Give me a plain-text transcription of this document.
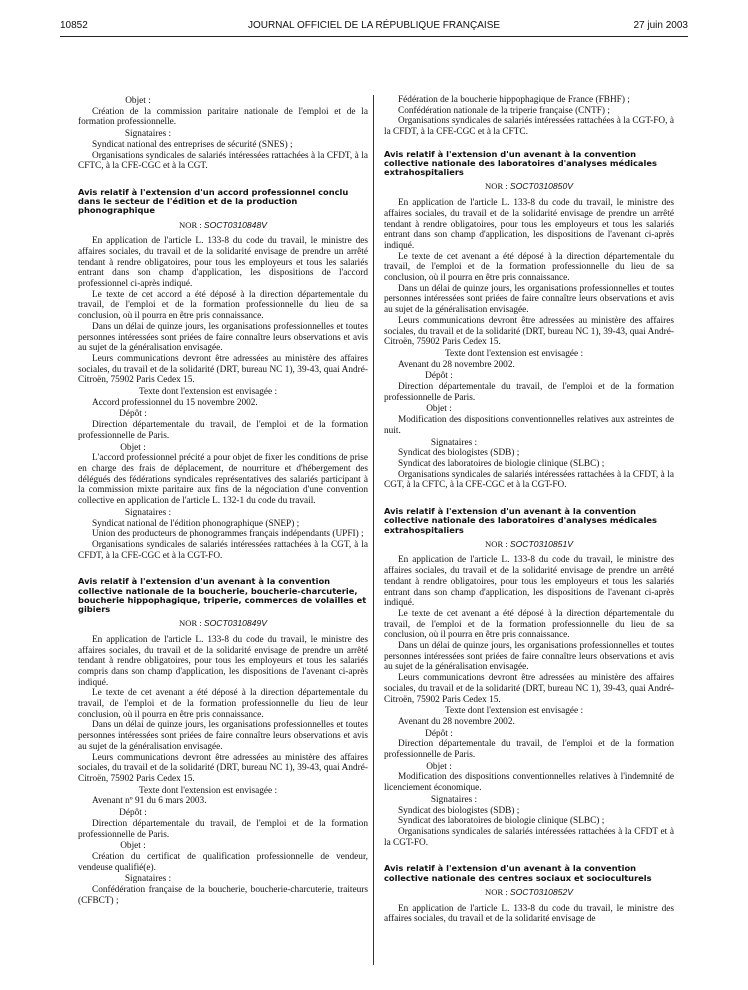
10852	JOURNAL OFFICIEL DE LA RÉPUBLIQUE FRANÇAISE	27 juin 2003

Objet :

Création de la commission paritaire nationale de l'emploi et de la formation professionnelle.

Signataires :

Syndicat national des entreprises de sécurité (SNES) ;

Organisations syndicales de salariés intéressées rattachées à la CFDT, à la CFTC, à la CFE-CGC et à la CGT.

Avis relatif à l'extension d'un accord professionnel conclu dans le secteur de l'édition et de la production phonographique

NOR : SOCT0310848V

En application de l'article L. 133-8 du code du travail, le ministre des affaires sociales, du travail et de la solidarité envisage de prendre un arrêté tendant à rendre obligatoires, pour tous les employeurs et tous les salariés entrant dans son champ d'application, les dispositions de l'accord professionnel ci-après indiqué.

Le texte de cet accord a été déposé à la direction départementale du travail, de l'emploi et de la formation professionnelle du lieu de sa conclusion, où il pourra en être pris connaissance.

Dans un délai de quinze jours, les organisations professionnelles et toutes personnes intéressées sont priées de faire connaître leurs observations et avis au sujet de la généralisation envisagée.

Leurs communications devront être adressées au ministère des affaires sociales, du travail et de la solidarité (DRT, bureau NC 1), 39-43, quai André-Citroën, 75902 Paris Cedex 15.

Texte dont l'extension est envisagée :

Accord professionnel du 15 novembre 2002.

Dépôt :

Direction départementale du travail, de l'emploi et de la formation professionnelle de Paris.

Objet :

L'accord professionnel précité a pour objet de fixer les conditions de prise en charge des frais de déplacement, de nourriture et d'hébergement des délégués des fédérations syndicales représentatives des salariés participant à la commission mixte paritaire aux fins de la négociation d'une convention collective en application de l'article L. 132-1 du code du travail.

Signataires :

Syndicat national de l'édition phonographique (SNEP) ;

Union des producteurs de phonogrammes français indépendants (UPFI) ;

Organisations syndicales de salariés intéressées rattachées à la CGT, à la CFDT, à la CFE-CGC et à la CGT-FO.

Avis relatif à l'extension d'un avenant à la convention collective nationale de la boucherie, boucherie-charcuterie, boucherie hippophagique, triperie, commerces de volailles et gibiers

NOR : SOCT0310849V

En application de l'article L. 133-8 du code du travail, le ministre des affaires sociales, du travail et de la solidarité envisage de prendre un arrêté tendant à rendre obligatoires, pour tous les employeurs et tous les salariés compris dans son champ d'application, les dispositions de l'avenant ci-après indiqué.

Le texte de cet avenant a été déposé à la direction départementale du travail, de l'emploi et de la formation professionnelle du lieu de leur conclusion, où il pourra en être pris connaissance.

Dans un délai de quinze jours, les organisations professionnelles et toutes personnes intéressées sont priées de faire connaître leurs observations et avis au sujet de la généralisation envisagée.

Leurs communications devront être adressées au ministère des affaires sociales, du travail et de la solidarité (DRT, bureau NC 1), 39-43, quai André-Citroën, 75902 Paris Cedex 15.

Texte dont l'extension est envisagée :

Avenant nº 91 du 6 mars 2003.

Dépôt :

Direction départementale du travail, de l'emploi et de la formation professionnelle de Paris.

Objet :

Création du certificat de qualification professionnelle de vendeur, vendeuse qualifié(e).

Signataires :

Confédération française de la boucherie, boucherie-charcuterie, traiteurs (CFBCT) ;

Fédération de la boucherie hippophagique de France (FBHF) ;

Confédération nationale de la triperie française (CNTF) ;

Organisations syndicales de salariés intéressées rattachées à la CGT-FO, à la CFDT, à la CFE-CGC et à la CFTC.

Avis relatif à l'extension d'un avenant à la convention collective nationale des laboratoires d'analyses médicales extrahospitaliers

NOR : SOCT0310850V

En application de l'article L. 133-8 du code du travail, le ministre des affaires sociales, du travail et de la solidarité envisage de prendre un arrêté tendant à rendre obligatoires, pour tous les employeurs et tous les salariés entrant dans son champ d'application, les dispositions de l'avenant ci-après indiqué.

Le texte de cet avenant a été déposé à la direction départementale du travail, de l'emploi et de la formation professionnelle du lieu de sa conclusion, où il pourra en être pris connaissance.

Dans un délai de quinze jours, les organisations professionnelles et toutes personnes intéressées sont priées de faire connaître leurs observations et avis au sujet de la généralisation envisagée.

Leurs communications devront être adressées au ministère des affaires sociales, du travail et de la solidarité (DRT, bureau NC 1), 39-43, quai André-Citroën, 75902 Paris Cedex 15.

Texte dont l'extension est envisagée :

Avenant du 28 novembre 2002.

Dépôt :

Direction départementale du travail, de l'emploi et de la formation professionnelle de Paris.

Objet :

Modification des dispositions conventionnelles relatives aux astreintes de nuit.

Signataires :

Syndicat des biologistes (SDB) ;

Syndicat des laboratoires de biologie clinique (SLBC) ;

Organisations syndicales de salariés intéressées rattachées à la CFDT, à la CGT, à la CFTC, à la CFE-CGC et à la CGT-FO.

Avis relatif à l'extension d'un avenant à la convention collective nationale des laboratoires d'analyses médicales extrahospitaliers

NOR : SOCT0310851V

En application de l'article L. 133-8 du code du travail, le ministre des affaires sociales, du travail et de la solidarité envisage de prendre un arrêté tendant à rendre obligatoires, pour tous les employeurs et tous les salariés entrant dans son champ d'application, les dispositions de l'avenant ci-après indiqué.

Le texte de cet avenant a été déposé à la direction départementale du travail, de l'emploi et de la formation professionnelle du lieu de sa conclusion, où il pourra en être pris connaissance.

Dans un délai de quinze jours, les organisations professionnelles et toutes personnes intéressées sont priées de faire connaître leurs observations et avis au sujet de la généralisation envisagée.

Leurs communications devront être adressées au ministère des affaires sociales, du travail et de la solidarité (DRT, bureau NC 1), 39-43, quai André-Citroën, 75902 Paris Cedex 15.

Texte dont l'extension est envisagée :

Avenant du 28 novembre 2002.

Dépôt :

Direction départementale du travail, de l'emploi et de la formation professionnelle de Paris.

Objet :

Modification des dispositions conventionnelles relatives à l'indemnité de licenciement économique.

Signataires :

Syndicat des biologistes (SDB) ;

Syndicat des laboratoires de biologie clinique (SLBC) ;

Organisations syndicales de salariés intéressées rattachées à la CFDT et à la CGT-FO.

Avis relatif à l'extension d'un avenant à la convention collective nationale des centres sociaux et socioculturels

NOR : SOCT0310852V

En application de l'article L. 133-8 du code du travail, le ministre des affaires sociales, du travail et de la solidarité envisage de
